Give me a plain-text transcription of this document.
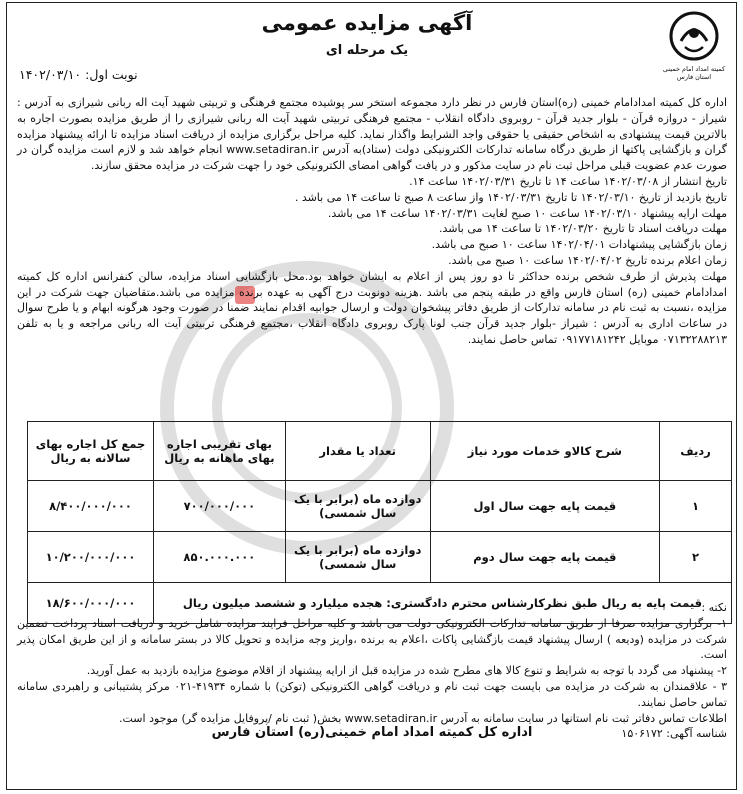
کمیته امداد امام خمینی
استان فارس
آگهی مزایده عمومی
یک مرحله ای
نوبت اول: ۱۴۰۲/۰۳/۱۰

اداره کل کمیته امدادامام خمینی (ره)استان فارس در نظر دارد مجموعه استخر سر پوشیده مجتمع فرهنگی و تربیتی شهید آیت اله ربانی شیرازی به آدرس : شیراز - دروازه قرآن - بلوار جدید قرآن - روبروی دادگاه انقلاب - مجتمع فرهنگی تربیتی شهید آیت اله ربانی شیرازی را از طریق مزایده بصورت اجاره به بالاترین قیمت پیشنهادی به اشخاص حقیقی یا حقوقی واجد الشرایط واگذار نماید. کلیه مراحل برگزاری مزایده از دریافت اسناد مزایده تا ارائه پیشنهاد مزایده گران و بازگشایی پاکتها از طریق درگاه سامانه تدارکات الکترونیکی دولت (ستاد)به آدرس www.setadiran.ir انجام خواهد شد و لازم است مزایده گران در صورت عدم عضویت قبلی مراحل ثبت نام در سایت مذکور و در یافت گواهی امضای الکترونیکی خود را جهت شرکت در مزایده محقق سازند.

تاریخ انتشار از ۱۴۰۲/۰۳/۰۸ ساعت ۱۴ تا تاریخ ۱۴۰۲/۰۳/۳۱ ساعت ۱۴.

تاریخ بازدید از تاریخ ۱۴۰۲/۰۳/۱۰ تا تاریخ ۱۴۰۲/۰۳/۳۱ واز ساعت ۸ صبح تا ساعت ۱۴ می باشد .

مهلت ارایه پیشنهاد ۱۴۰۲/۰۳/۱۰ ساعت ۱۰ صبح لغایت ۱۴۰۲/۰۳/۳۱ ساعت ۱۴ می باشد.

مهلت دریافت اسناد تا تاریخ ۱۴۰۲/۰۳/۲۰ تا ساعت ۱۴ می باشد.

زمان بازگشایی پیشنهادات ۱۴۰۲/۰۴/۰۱ ساعت ۱۰ صبح می باشد.

زمان اعلام برنده تاریخ ۱۴۰۲/۰۴/۰۲ ساعت ۱۰ صبح می باشد.

مهلت پذیرش از طرف شخص برنده حداکثر تا دو روز پس از اعلام به ایشان خواهد بود.محل بازگشایی اسناد مزایده، سالن کنفرانس اداره کل کمیته امدادامام خمینی (ره) استان فارس واقع در طبقه پنجم می باشد .هزینه دونوبت درج آگهی به عهده برنده مزایده می باشد.متقاضیان جهت شرکت در این مزایده ،نسبت به ثبت نام در سامانه تدارکات از طریق دفاتر پیشخوان دولت و ارسال جوابیه اقدام نمایند ضمنا در صورت وجود هرگونه ابهام و یا طرح سوال در ساعات اداری به آدرس : شیراز -بلوار جدید قرآن جنب لونا پارک روبروی دادگاه انقلاب ،مجتمع فرهنگی تربیتی آیت اله ربانی مراجعه و یا به تلفن ۰۷۱۳۲۲۸۸۲۱۳ موبایل ۰۹۱۷۷۱۸۱۲۴۲ تماس حاصل نمایند.

ردیف	شرح کالاو خدمات مورد نیاز	تعداد یا مقدار	بهای تقریبی اجاره بهای ماهانه به ریال	جمع کل اجاره بهای سالانه به ریال
۱	قیمت پایه جهت سال اول	دوازده ماه (برابر با یک سال شمسی)	۷۰۰/۰۰۰/۰۰۰	۸/۴۰۰/۰۰۰/۰۰۰
۲	قیمت پایه جهت سال دوم	دوازده ماه (برابر با یک سال شمسی)	۸۵۰.۰۰۰.۰۰۰	۱۰/۲۰۰/۰۰۰/۰۰۰
قیمت پایه به ریال طبق نظرکارشناس محترم دادگستری: هجده میلیارد و ششصد میلیون ریال				۱۸/۶۰۰/۰۰۰/۰۰۰	نکته :

۱- برگزاری مزایده صرفا از طریق سامانه تدارکات الکترونیکی دولت می باشد و کلیه مراحل فرایند مزایده شامل خرید و دریافت اسناد پرداخت تضمین شرکت در مزایده (ودیعه ) ارسال پیشنهاد قیمت بازگشایی پاکات ،اعلام به برنده ،واریز وجه مزایده و تحویل کالا در بستر سامانه و از این طریق امکان پذیر است.

۲- پیشنهاد می گردد با توجه به شرایط و تنوع کالا های مطرح شده در مزایده قبل از ارایه پیشنهاد از اقلام موضوع مزایده بازدید به عمل آورید.

۳ - علاقمندان به شرکت در مزایده می بایست جهت ثبت نام و دریافت گواهی الکترونیکی (توکن) با شماره ۴۱۹۳۴-۰۲۱ مرکز پشتیبانی و راهبردی سامانه تماس حاصل نمایند.

اطلاعات تماس دفاتر ثبت نام استانها در سایت سامانه به آدرس www.setadiran.ir بخش( ثبت نام /پروفایل مزایده گر) موجود است.

شناسه آگهی: ۱۵۰۶۱۷۲

اداره کل کمیته امداد امام خمینی(ره) استان فارس
